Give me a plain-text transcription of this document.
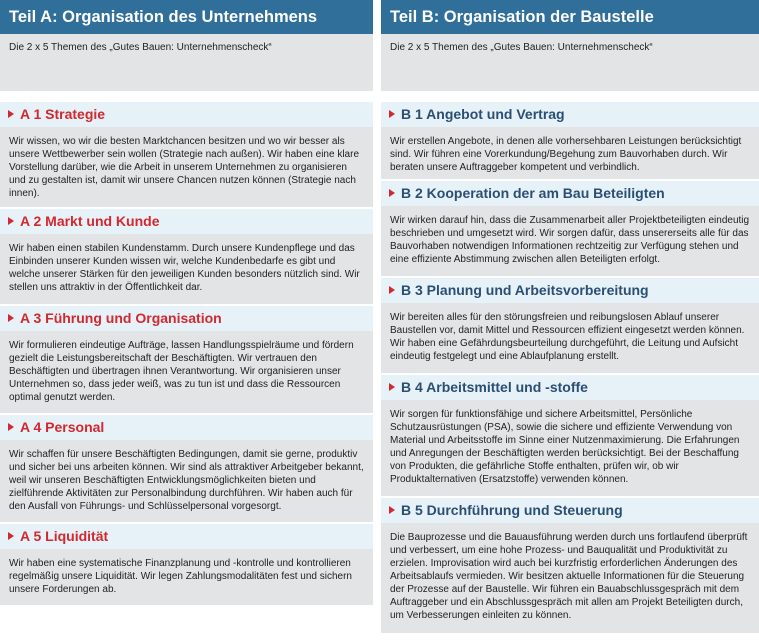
Teil A: Organisation des Unternehmens
Die 2 x 5 Themen des „Gutes Bauen: Unternehmenscheck“
A 1 Strategie
Wir wissen, wo wir die besten Marktchancen besitzen und wo wir besser als unsere Wettbewerber sein wollen (Strategie nach außen). Wir haben eine klare Vorstellung darüber, wie die Arbeit in unserem Unternehmen zu organisieren und zu gestalten ist, damit wir unsere Chancen nutzen können (Strategie nach innen).
A 2 Markt und Kunde
Wir haben einen stabilen Kundenstamm. Durch unsere Kundenpflege und das Einbinden unserer Kunden wissen wir, welche Kundenbedarfe es gibt und welche unserer Stärken für den jeweiligen Kunden besonders nützlich sind. Wir stellen uns attraktiv in der Öffentlichkeit dar.
A 3 Führung und Organisation
Wir formulieren eindeutige Aufträge, lassen Handlungsspielräume und fördern gezielt die Leistungsbereitschaft der Beschäftigten. Wir vertrauen den Beschäftigten und übertragen ihnen Verantwortung. Wir organisieren unser Unternehmen so, dass jeder weiß, was zu tun ist und dass die Ressourcen optimal genutzt werden.
A 4 Personal
Wir schaffen für unsere Beschäftigten Bedingungen, damit sie gerne, produktiv und sicher bei uns arbeiten können. Wir sind als attraktiver Arbeitgeber bekannt, weil wir unseren Beschäftigten Entwicklungsmöglichkeiten bieten und zielführende Aktivitäten zur Personalbindung durchführen. Wir haben auch für den Ausfall von Führungs- und Schlüsselpersonal vorgesorgt.
A 5 Liquidität
Wir haben eine systematische Finanzplanung und -kontrolle und kontrollieren regelmäßig unsere Liquidität. Wir legen Zahlungsmodalitäten fest und sichern unsere Forderungen ab.
Teil B: Organisation der Baustelle
Die 2 x 5 Themen des „Gutes Bauen: Unternehmenscheck“
B 1 Angebot und Vertrag
Wir erstellen Angebote, in denen alle vorhersehbaren Leistungen berücksichtigt sind. Wir führen eine Vorerkundung/Begehung zum Bauvorhaben durch. Wir beraten unsere Auftraggeber kompetent und verbindlich.
B 2 Kooperation der am Bau Beteiligten
Wir wirken darauf hin, dass die Zusammenarbeit aller Projektbeteiligten eindeutig beschrieben und umgesetzt wird. Wir sorgen dafür, dass unsererseits alle für das Bauvorhaben notwendigen Informationen rechtzeitig zur Verfügung stehen und eine effiziente Abstimmung zwischen allen Beteiligten erfolgt.
B 3 Planung und Arbeitsvorbereitung
Wir bereiten alles für den störungsfreien und reibungslosen Ablauf unserer Baustellen vor, damit Mittel und Ressourcen effizient eingesetzt werden können. Wir haben eine Gefährdungsbeurteilung durchgeführt, die Leitung und Aufsicht eindeutig festgelegt und eine Ablaufplanung erstellt.
B 4 Arbeitsmittel und -stoffe
Wir sorgen für funktionsfähige und sichere Arbeitsmittel, Persönliche Schutzausrüstungen (PSA), sowie die sichere und effiziente Verwendung von Material und Arbeitsstoffe im Sinne einer Nutzenmaximierung. Die Erfahrungen und Anregungen der Beschäftigten werden berücksichtigt. Bei der Beschaffung von Produkten, die gefährliche Stoffe enthalten, prüfen wir, ob wir Produktalternativen (Ersatzstoffe) verwenden können.
B 5 Durchführung und Steuerung
Die Bauprozesse und die Bauausführung werden durch uns fortlaufend überprüft und verbessert, um eine hohe Prozess- und Bauqualität und Produktivität zu erzielen. Improvisation wird auch bei kurzfristig erforderlichen Änderungen des Arbeitsablaufs vermieden. Wir besitzen aktuelle Informationen für die Steuerung der Prozesse auf der Baustelle. Wir führen ein Bauabschlussgespräch mit dem Auftraggeber und ein Abschlussgespräch mit allen am Projekt Beteiligten durch, um Verbesserungen einleiten zu können.
